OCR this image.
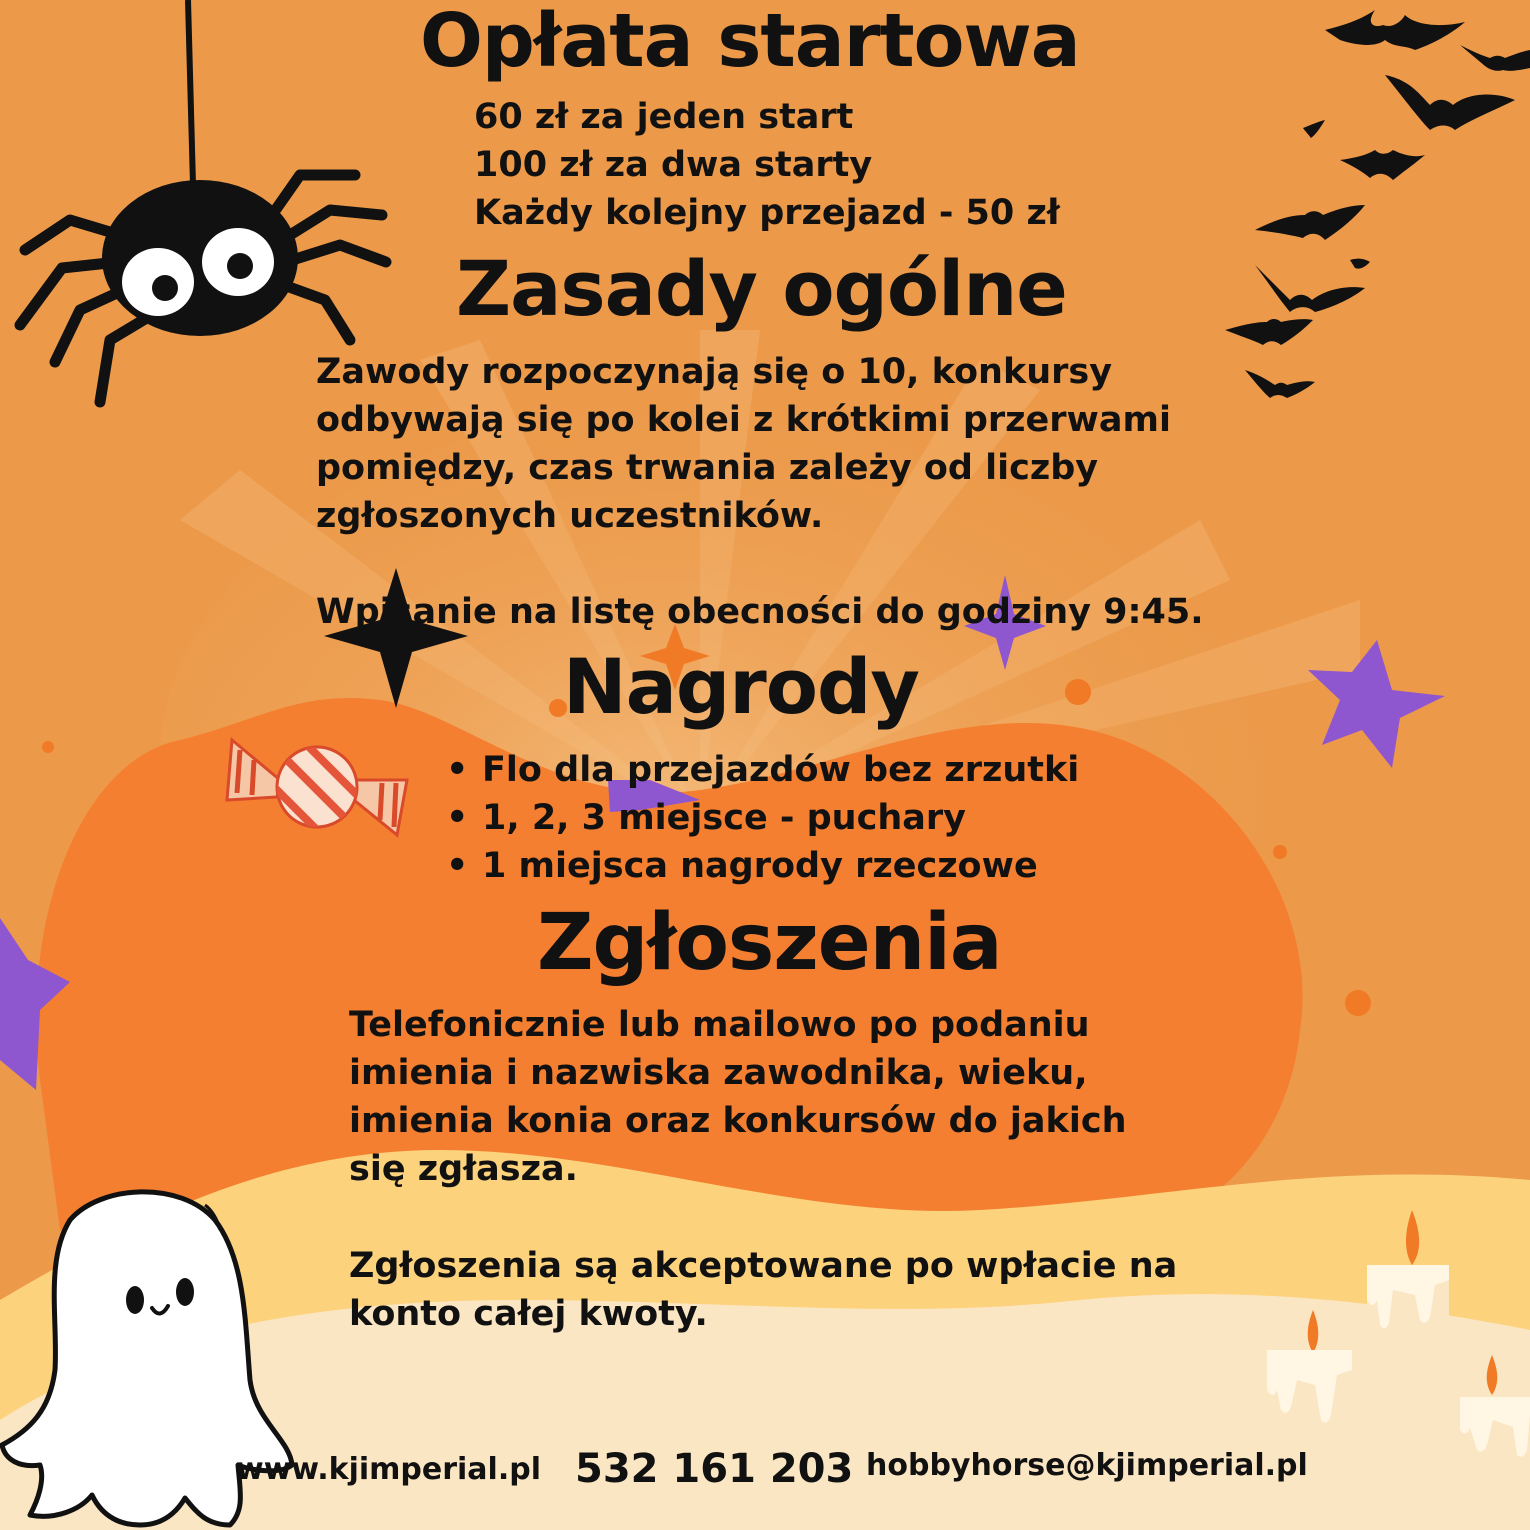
Opłata startowa
60 zł za jeden start
100 zł za dwa starty
Każdy kolejny przejazd - 50 zł
Zasady ogólne

Zawody rozpoczynają się o 10, konkursy odbywają się po kolei z krótkimi przerwami pomiędzy, czas trwania zależy od liczby zgłoszonych uczestników.

Wpisanie na listę obecności do godziny 9:45.

Nagrody
• Flo dla przejazdów bez zrzutki
• 1, 2, 3 miejsce - puchary
• 1 miejsca nagrody rzeczowe
Zgłoszenia

Telefonicznie lub mailowo po podaniu imienia i nazwiska zawodnika, wieku, imienia konia oraz konkursów do jakich się zgłasza.

Zgłoszenia są akceptowane po wpłacie na konto całej kwoty.

www.kjimperial.pl 532 161 203 hobbyhorse@kjimperial.pl
